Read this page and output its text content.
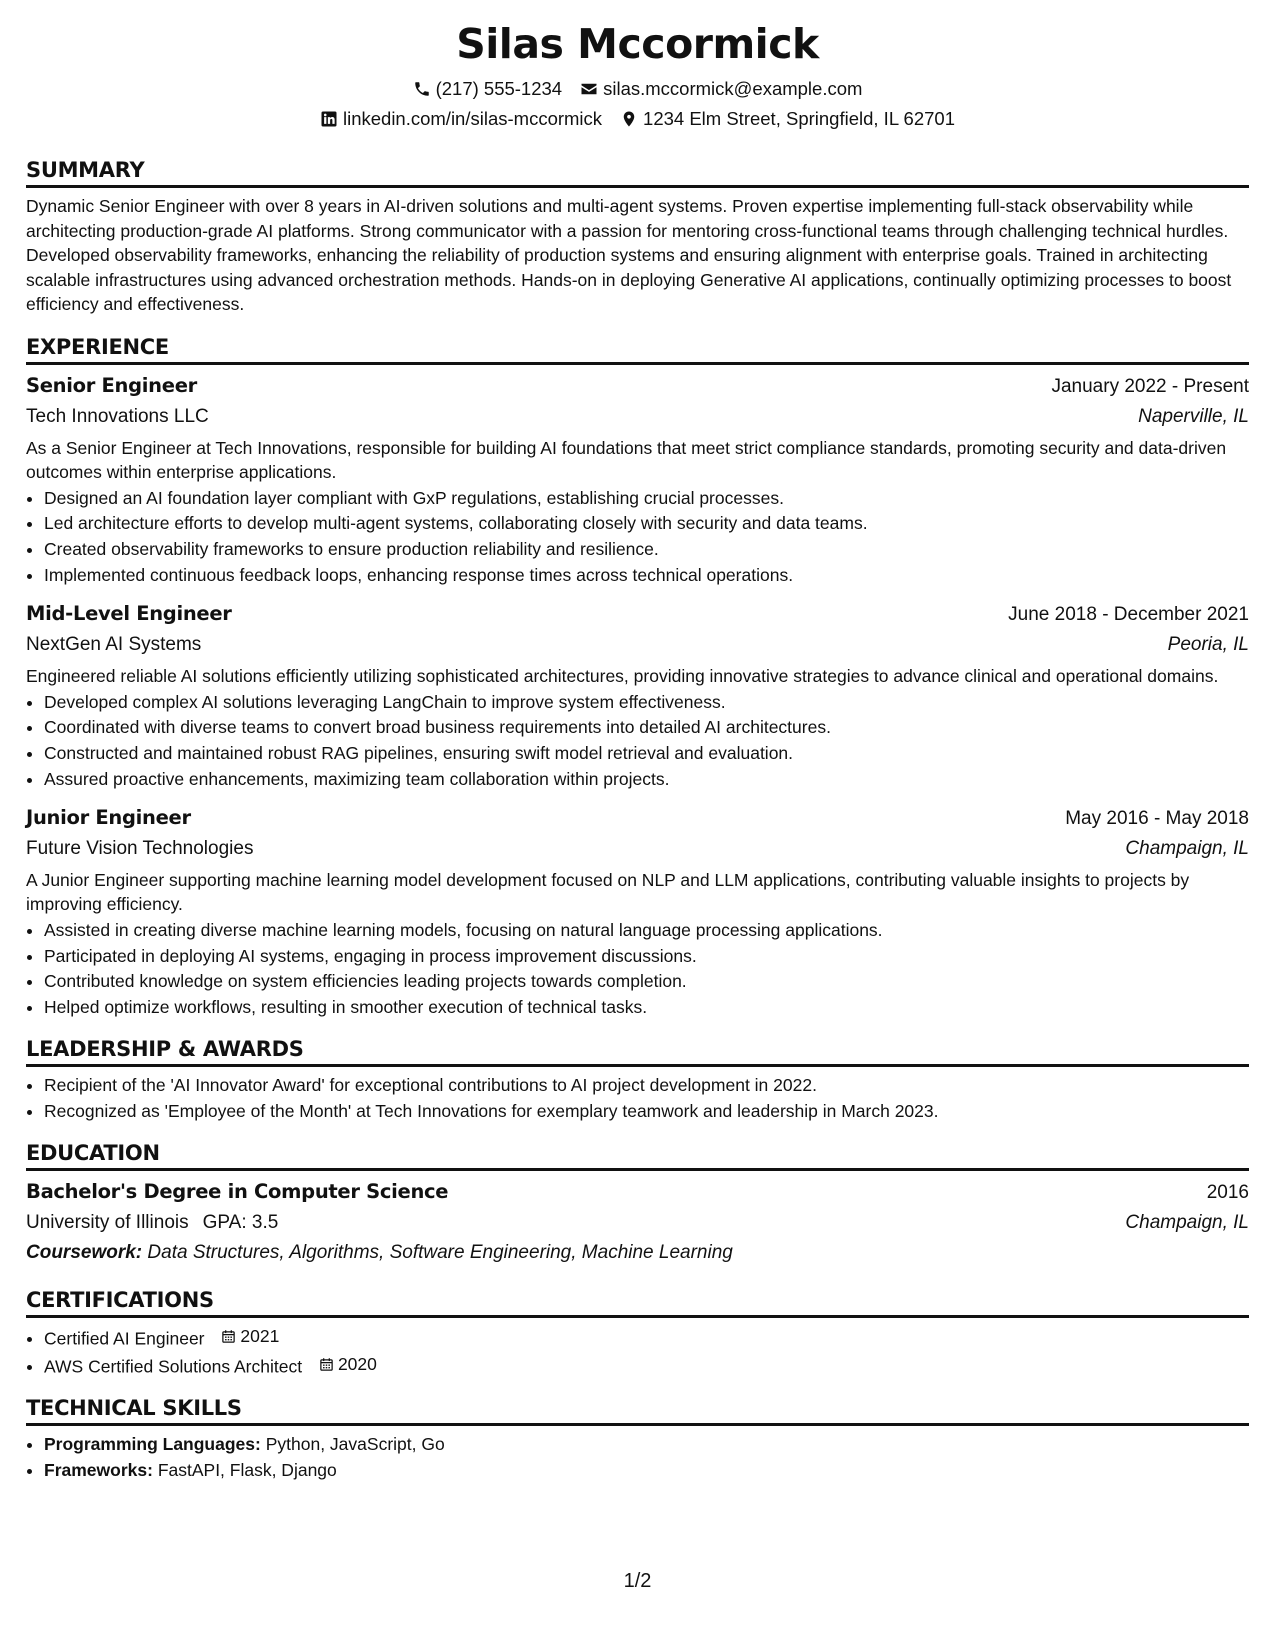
Silas Mccormick
(217) 555-1234 silas.mccormick@example.com
linkedin.com/in/silas-mccormick 1234 Elm Street, Springfield, IL 62701
SUMMARY

Dynamic Senior Engineer with over 8 years in AI-driven solutions and multi-agent systems. Proven expertise implementing full-stack observability while architecting production-grade AI platforms. Strong communicator with a passion for mentoring cross-functional teams through challenging technical hurdles. Developed observability frameworks, enhancing the reliability of production systems and ensuring alignment with enterprise goals. Trained in architecting scalable infrastructures using advanced orchestration methods. Hands-on in deploying Generative AI applications, continually optimizing processes to boost efficiency and effectiveness.

EXPERIENCE
Senior Engineer	January 2022 - Present
Tech Innovations LLC	Naperville, IL

As a Senior Engineer at Tech Innovations, responsible for building AI foundations that meet strict compliance standards, promoting security and data-driven outcomes within enterprise applications.

• Designed an AI foundation layer compliant with GxP regulations, establishing crucial processes.
• Led architecture efforts to develop multi-agent systems, collaborating closely with security and data teams.
• Created observability frameworks to ensure production reliability and resilience.
• Implemented continuous feedback loops, enhancing response times across technical operations.
Mid-Level Engineer	June 2018 - December 2021
NextGen AI Systems	Peoria, IL

Engineered reliable AI solutions efficiently utilizing sophisticated architectures, providing innovative strategies to advance clinical and operational domains.

• Developed complex AI solutions leveraging LangChain to improve system effectiveness.
• Coordinated with diverse teams to convert broad business requirements into detailed AI architectures.
• Constructed and maintained robust RAG pipelines, ensuring swift model retrieval and evaluation.
• Assured proactive enhancements, maximizing team collaboration within projects.
Junior Engineer	May 2016 - May 2018
Future Vision Technologies	Champaign, IL

A Junior Engineer supporting machine learning model development focused on NLP and LLM applications, contributing valuable insights to projects by improving efficiency.

• Assisted in creating diverse machine learning models, focusing on natural language processing applications.
• Participated in deploying AI systems, engaging in process improvement discussions.
• Contributed knowledge on system efficiencies leading projects towards completion.
• Helped optimize workflows, resulting in smoother execution of technical tasks.
LEADERSHIP & AWARDS
• Recipient of the 'AI Innovator Award' for exceptional contributions to AI project development in 2022.
• Recognized as 'Employee of the Month' at Tech Innovations for exemplary teamwork and leadership in March 2023.
EDUCATION
Bachelor's Degree in Computer Science	2016
University of Illinois GPA: 3.5	Champaign, IL
Coursework: Data Structures, Algorithms, Software Engineering, Machine Learning
CERTIFICATIONS
• Certified AI Engineer 2021
• AWS Certified Solutions Architect 2020
TECHNICAL SKILLS
• Programming Languages: Python, JavaScript, Go
• Frameworks: FastAPI, Flask, Django
1/2
